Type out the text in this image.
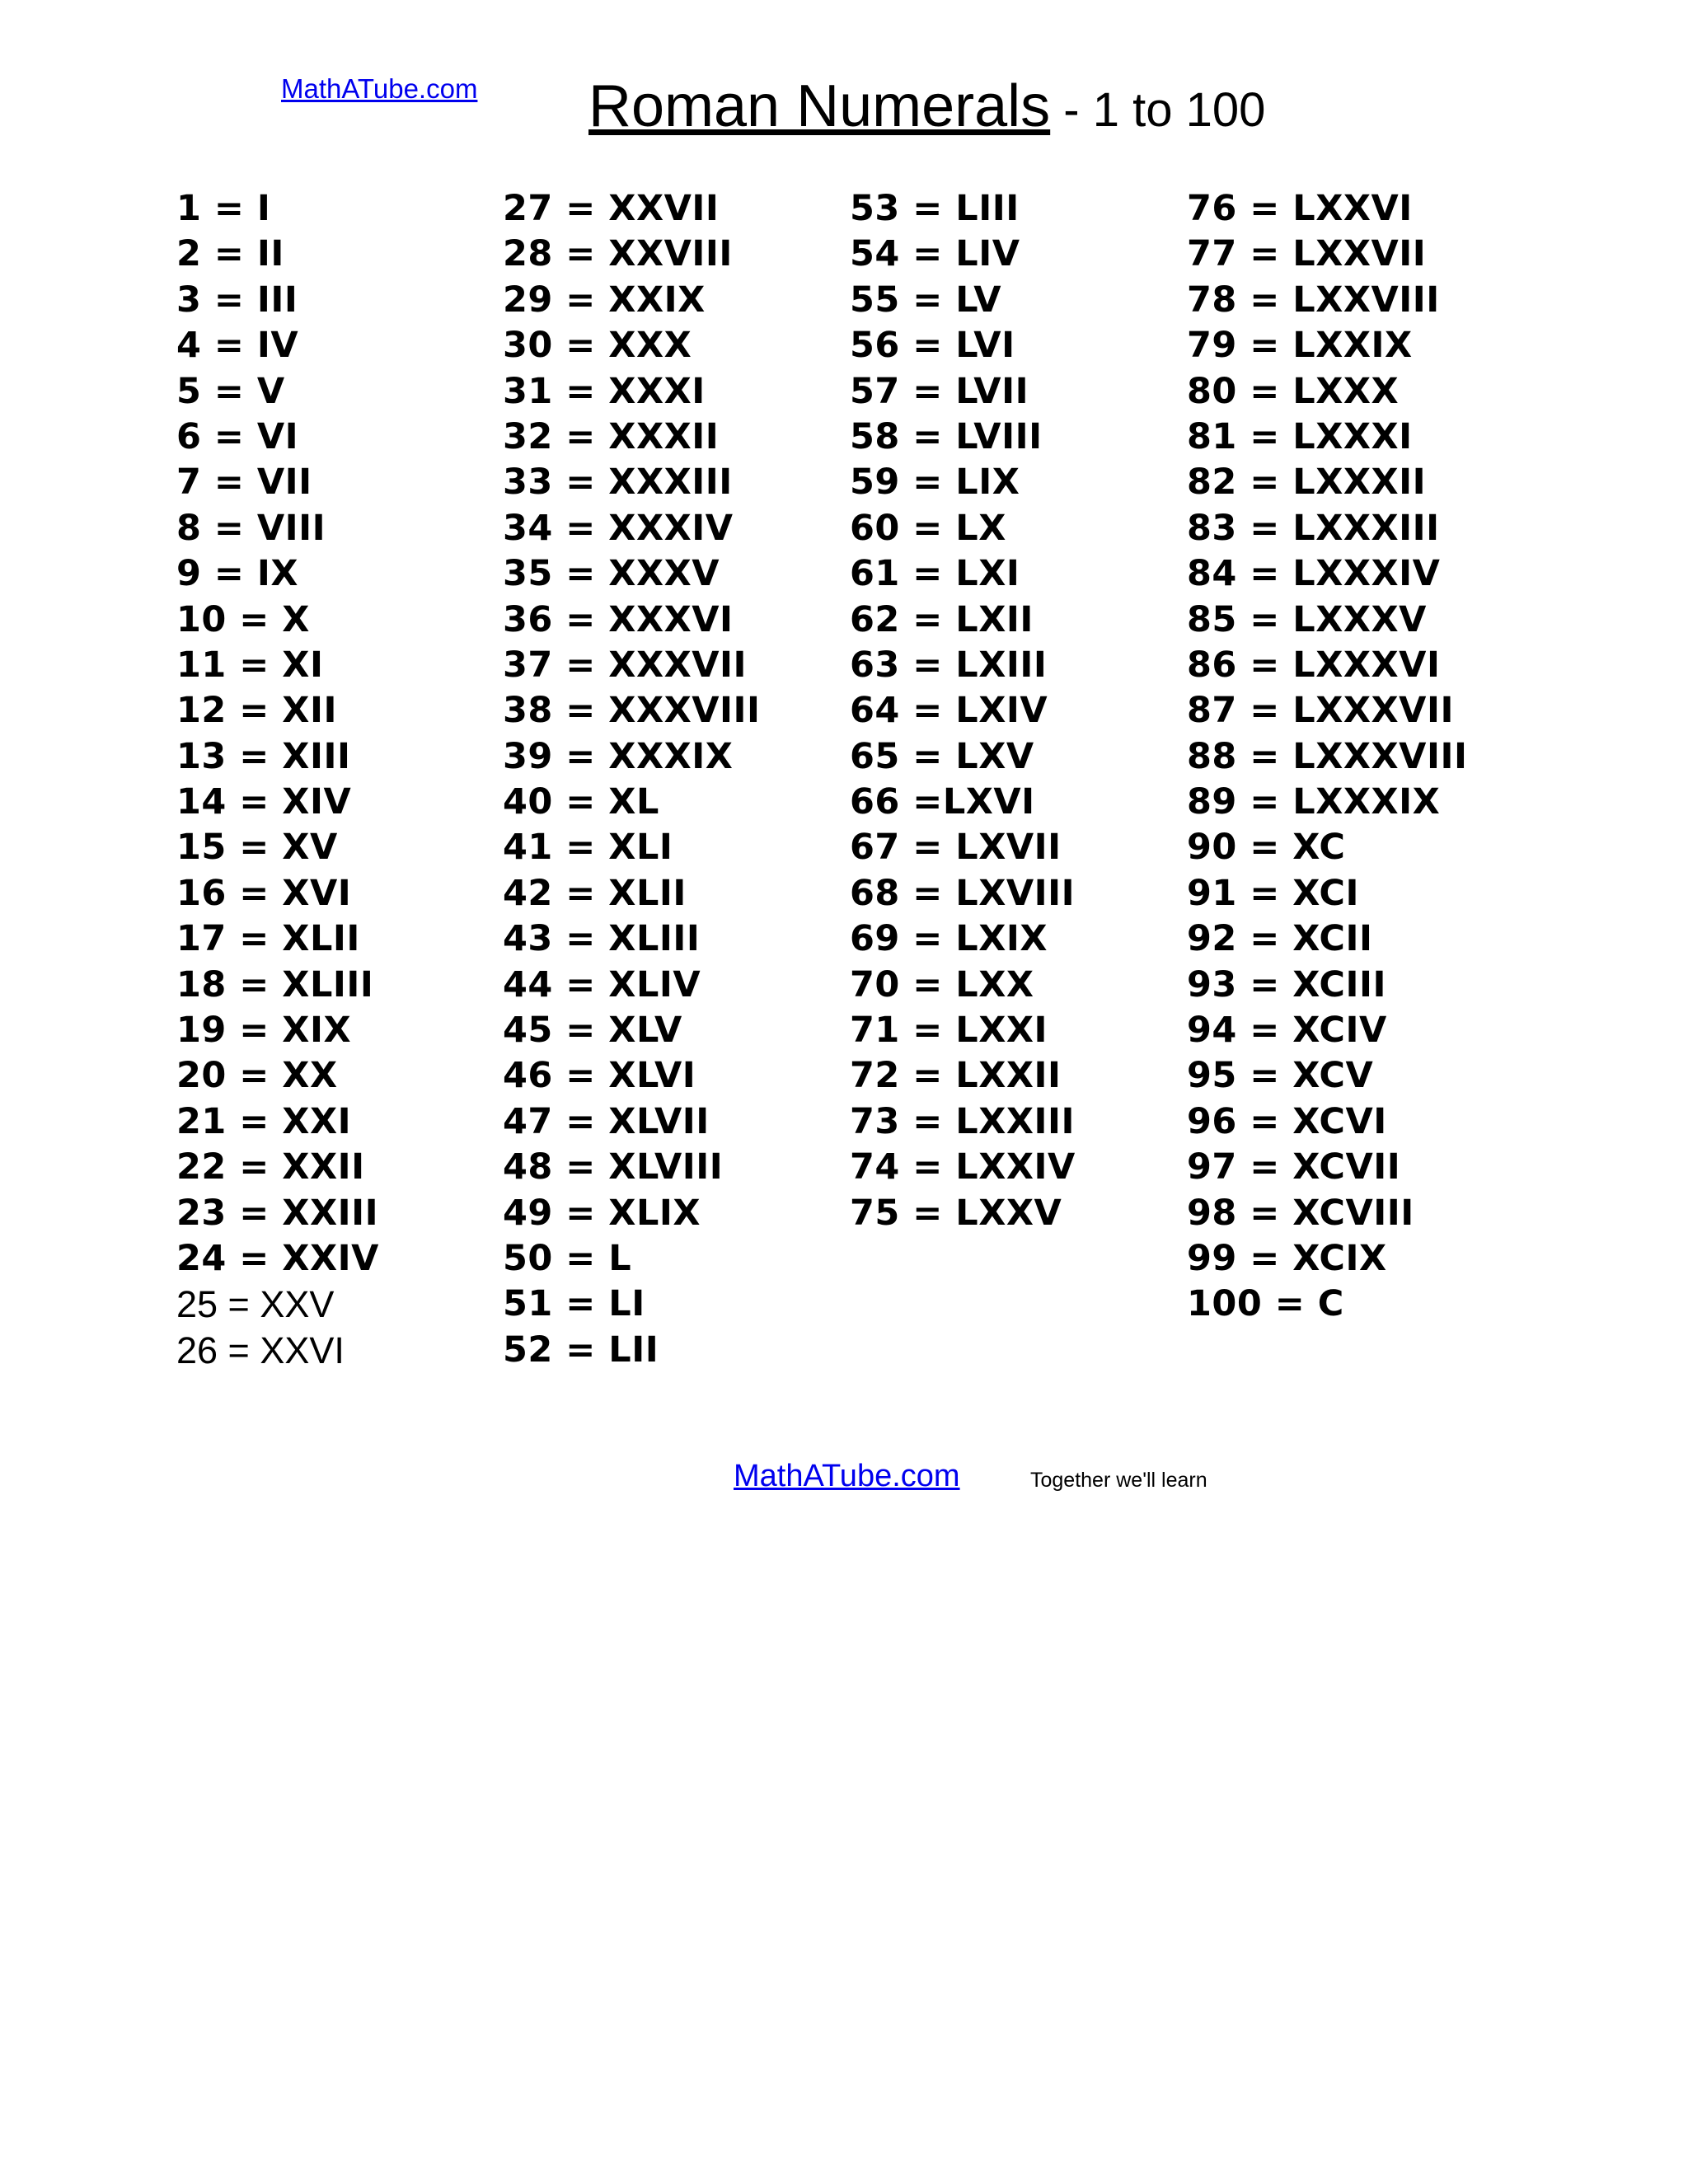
MathATube.com Roman Numerals - 1 to 100
1 = I
2 = II
3 = III
4 = IV
5 = V
6 = VI
7 = VII
8 = VIII
9 = IX
10 = X
11 = XI
12 = XII
13 = XIII
14 = XIV
15 = XV
16 = XVI
17 = XLII
18 = XLIII
19 = XIX
20 = XX
21 = XXI
22 = XXII
23 = XXIII
24 = XXIV
25 = XXV
26 = XXVI
27 = XXVII
28 = XXVIII
29 = XXIX
30 = XXX
31 = XXXI
32 = XXXII
33 = XXXIII
34 = XXXIV
35 = XXXV
36 = XXXVI
37 = XXXVII
38 = XXXVIII
39 = XXXIX
40 = XL
41 = XLI
42 = XLII
43 = XLIII
44 = XLIV
45 = XLV
46 = XLVI
47 = XLVII
48 = XLVIII
49 = XLIX
50 = L
51 = LI
52 = LII
53 = LIII
54 = LIV
55 = LV
56 = LVI
57 = LVII
58 = LVIII
59 = LIX
60 = LX
61 = LXI
62 = LXII
63 = LXIII
64 = LXIV
65 = LXV
66 =LXVI
67 = LXVII
68 = LXVIII
69 = LXIX
70 = LXX
71 = LXXI
72 = LXXII
73 = LXXIII
74 = LXXIV
75 = LXXV
76 = LXXVI
77 = LXXVII
78 = LXXVIII
79 = LXXIX
80 = LXXX
81 = LXXXI
82 = LXXXII
83 = LXXXIII
84 = LXXXIV
85 = LXXXV
86 = LXXXVI
87 = LXXXVII
88 = LXXXVIII
89 = LXXXIX
90 = XC
91 = XCI
92 = XCII
93 = XCIII
94 = XCIV
95 = XCV
96 = XCVI
97 = XCVII
98 = XCVIII
99 = XCIX
100 = C
MathATube.com	Together we'll learn
